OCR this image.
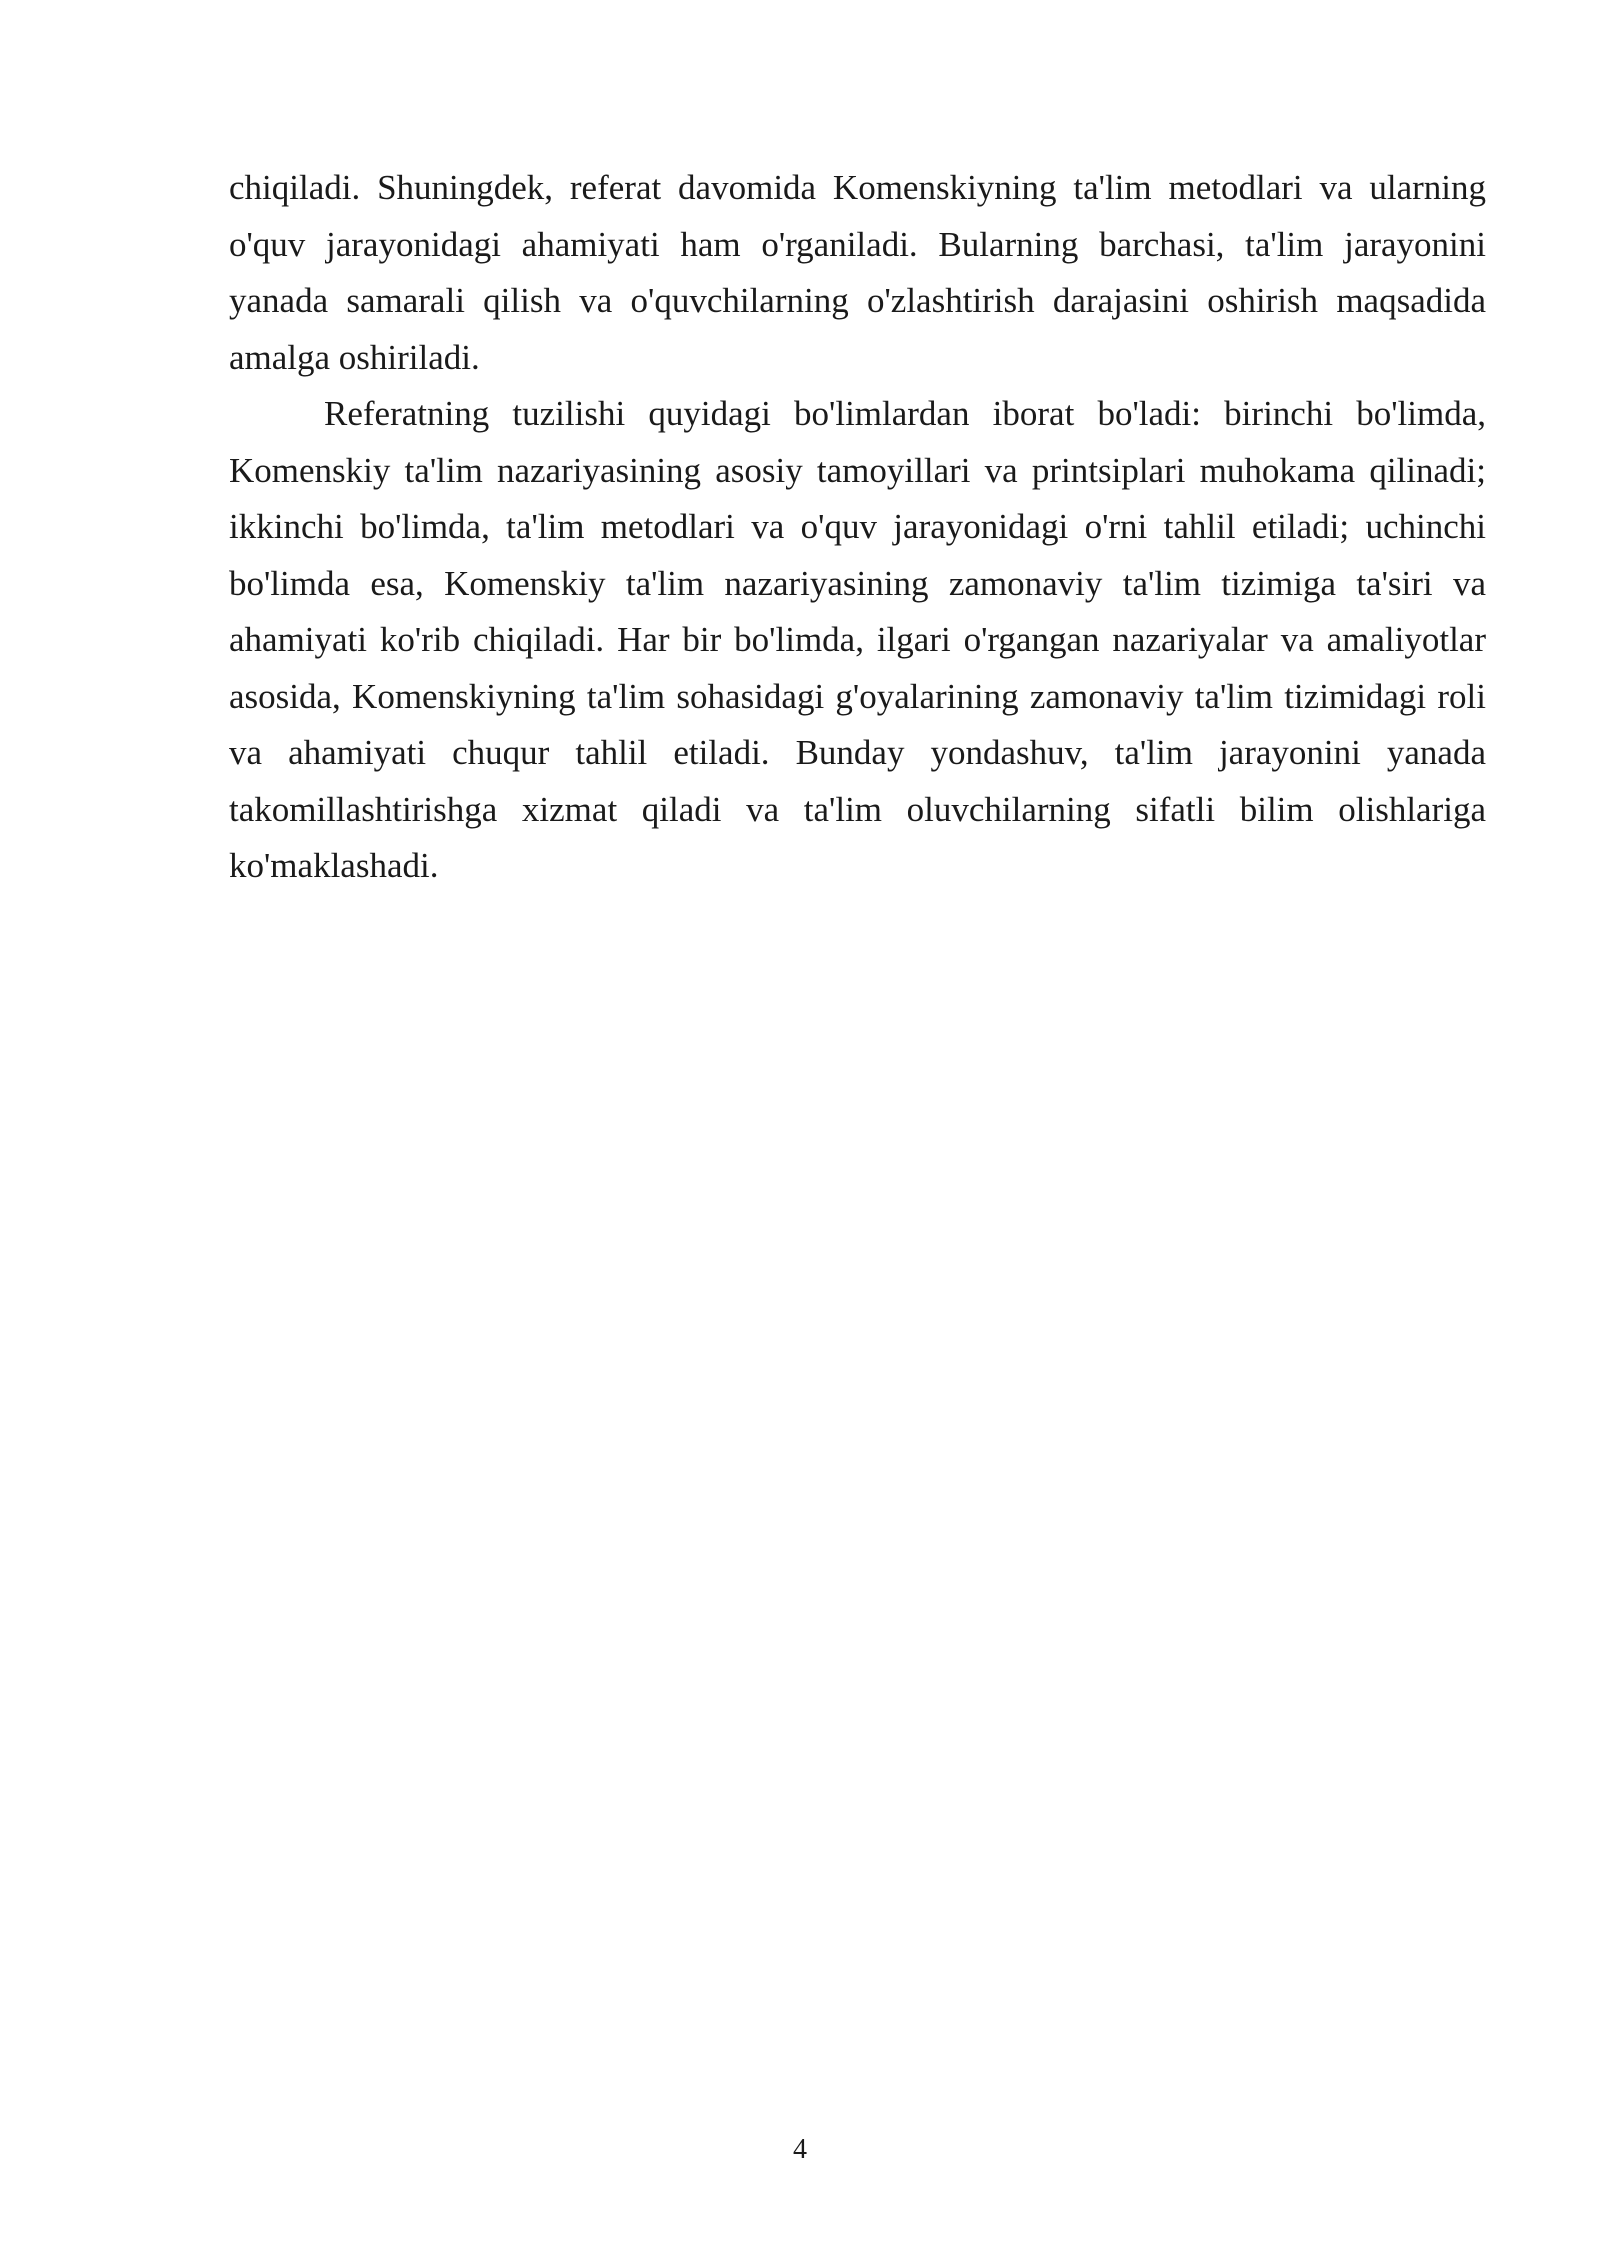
chiqiladi. Shuningdek, referat davomida Komenskiyning ta'lim metodlari va ularning o'quv jarayonidagi ahamiyati ham o'rganiladi. Bularning barchasi, ta'lim jarayonini yanada samarali qilish va o'quvchilarning o'zlashtirish darajasini oshirish maqsadida amalga oshiriladi.

Referatning tuzilishi quyidagi bo'limlardan iborat bo'ladi: birinchi bo'limda, Komenskiy ta'lim nazariyasining asosiy tamoyillari va printsiplari muhokama qilinadi; ikkinchi bo'limda, ta'lim metodlari va o'quv jarayonidagi o'rni tahlil etiladi; uchinchi bo'limda esa, Komenskiy ta'lim nazariyasining zamonaviy ta'lim tizimiga ta'siri va ahamiyati ko'rib chiqiladi. Har bir bo'limda, ilgari o'rgangan nazariyalar va amaliyotlar asosida, Komenskiyning ta'lim sohasidagi g'oyalarining zamonaviy ta'lim tizimidagi roli va ahamiyati chuqur tahlil etiladi. Bunday yondashuv, ta'lim jarayonini yanada takomillashtirishga xizmat qiladi va ta'lim oluvchilarning sifatli bilim olishlariga ko'maklashadi.

4
